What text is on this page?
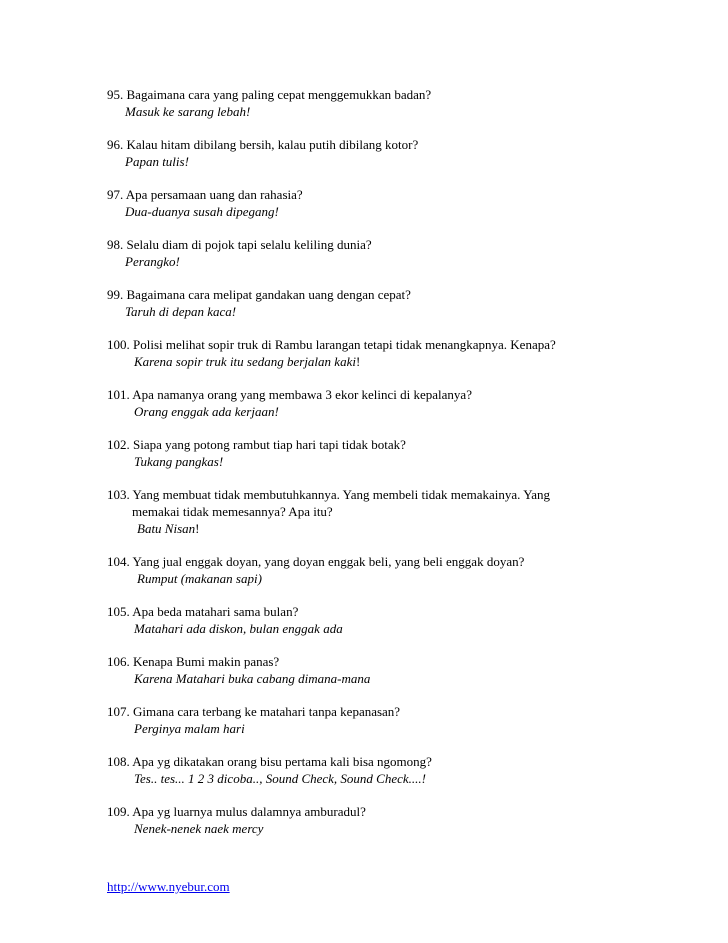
95. Bagaimana cara yang paling cepat menggemukkan badan?
Masuk ke sarang lebah!
96. Kalau hitam dibilang bersih, kalau putih dibilang kotor?
Papan tulis!
97. Apa persamaan uang dan rahasia?
Dua-duanya susah dipegang!
98. Selalu diam di pojok tapi selalu keliling dunia?
Perangko!
99. Bagaimana cara melipat gandakan uang dengan cepat?
Taruh di depan kaca!
100. Polisi melihat sopir truk di Rambu larangan tetapi tidak menangkapnya. Kenapa?
Karena sopir truk itu sedang berjalan kaki!
101. Apa namanya orang yang membawa 3 ekor kelinci di kepalanya?
Orang enggak ada kerjaan!
102. Siapa yang potong rambut tiap hari tapi tidak botak?
Tukang pangkas!
103. Yang membuat tidak membutuhkannya. Yang membeli tidak memakainya. Yang
memakai tidak memesannya? Apa itu?
Batu Nisan!
104. Yang jual enggak doyan, yang doyan enggak beli, yang beli enggak doyan?
Rumput (makanan sapi)
105. Apa beda matahari sama bulan?
Matahari ada diskon, bulan enggak ada
106. Kenapa Bumi makin panas?
Karena Matahari buka cabang dimana-mana
107. Gimana cara terbang ke matahari tanpa kepanasan?
Perginya malam hari
108. Apa yg dikatakan orang bisu pertama kali bisa ngomong?
Tes.. tes... 1 2 3 dicoba.., Sound Check, Sound Check....!
109. Apa yg luarnya mulus dalamnya amburadul?
Nenek-nenek naek mercy
http://www.nyebur.com
